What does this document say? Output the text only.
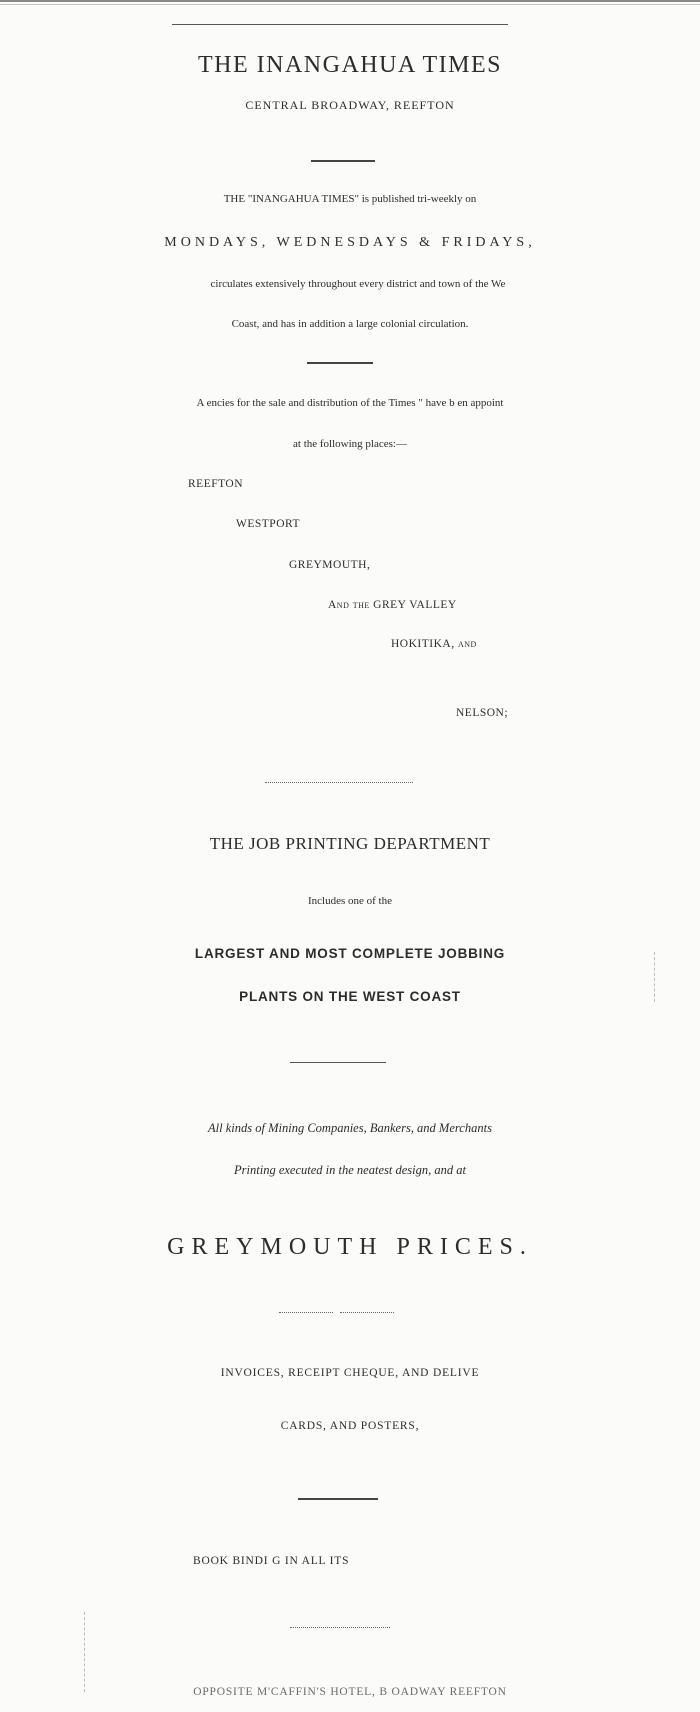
THE INANGAHUA TIMES
CENTRAL BROADWAY, REEFTON
THE "INANGAHUA TIMES" is published tri-weekly on
MONDAYS, WEDNESDAYS & FRIDAYS,
circulates extensively throughout every district and town of the We
Coast, and has in addition a large colonial circulation.
A encies for the sale and distribution of the Times " have b en appoint
at the following places:—
REEFTON
WESTPORT
GREYMOUTH,
And the GREY VALLEY
HOKITIKA, and
NELSON;
THE JOB PRINTING DEPARTMENT
Includes one of the
LARGEST AND MOST COMPLETE JOBBING
PLANTS ON THE WEST COAST
All kinds of Mining Companies, Bankers, and Merchants
Printing executed in the neatest design, and at
GREYMOUTH PRICES.
INVOICES, RECEIPT CHEQUE, AND DELIVE
CARDS, AND POSTERS,
BOOK BINDI G IN ALL ITS
OPPOSITE M'CAFFIN'S HOTEL, B OADWAY REEFTON
